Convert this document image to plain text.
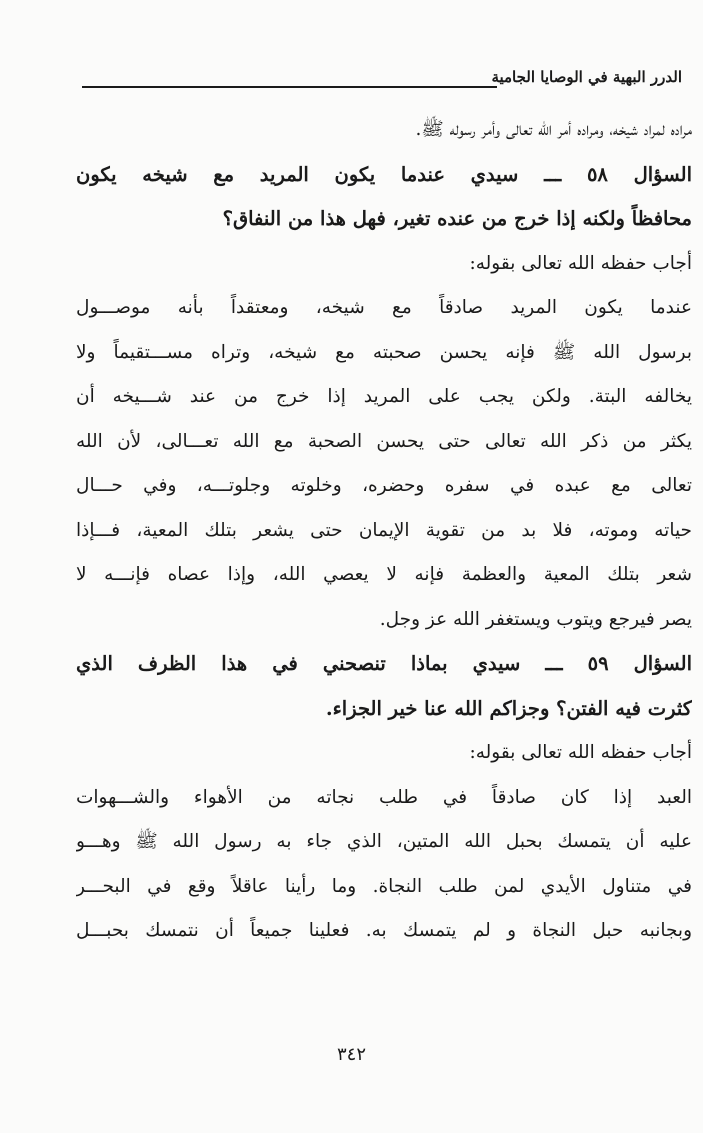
الدرر البهية في الوصايا الجامية
مراده لمراد شيخه، ومراده أمر الله تعالى وأمر رسوله ﷺ.
السؤال ٥٨ ـــ سيدي عندما يكون المريد مع شيخه يكون
محافظاً ولكنه إذا خرج من عنده تغير، فهل هذا من النفاق؟
أجاب حفظه الله تعالى بقوله:
عندما يكون المريد صادقاً مع شيخه، ومعتقداً بأنه موصـــول
برسول الله ﷺ فإنه يحسن صحبته مع شيخه، وتراه مســـتقيماً ولا
يخالفه البتة. ولكن يجب على المريد إذا خرج من عند شـــيخه أن
يكثر من ذكر الله تعالى حتى يحسن الصحبة مع الله تعـــالى، لأن الله
تعالى مع عبده في سفره وحضره، وخلوته وجلوتـــه، وفي حـــال
حياته وموته، فلا بد من تقوية الإيمان حتى يشعر بتلك المعية، فـــإذا
شعر بتلك المعية والعظمة فإنه لا يعصي الله، وإذا عصاه فإنـــه لا
يصر فيرجع ويتوب ويستغفر الله عز وجل.
السؤال ٥٩ ـــ سيدي بماذا تنصحني في هذا الظرف الذي
كثرت فيه الفتن؟ وجزاكم الله عنا خير الجزاء.
أجاب حفظه الله تعالى بقوله:
العبد إذا كان صادقاً في طلب نجاته من الأهواء والشـــهوات
عليه أن يتمسك بحبل الله المتين، الذي جاء به رسول الله ﷺ وهـــو
في متناول الأيدي لمن طلب النجاة. وما رأينا عاقلاً وقع في البحـــر
وبجانبه حبل النجاة و لم يتمسك به. فعلينا جميعاً أن نتمسك بحبـــل
٣٤٢
